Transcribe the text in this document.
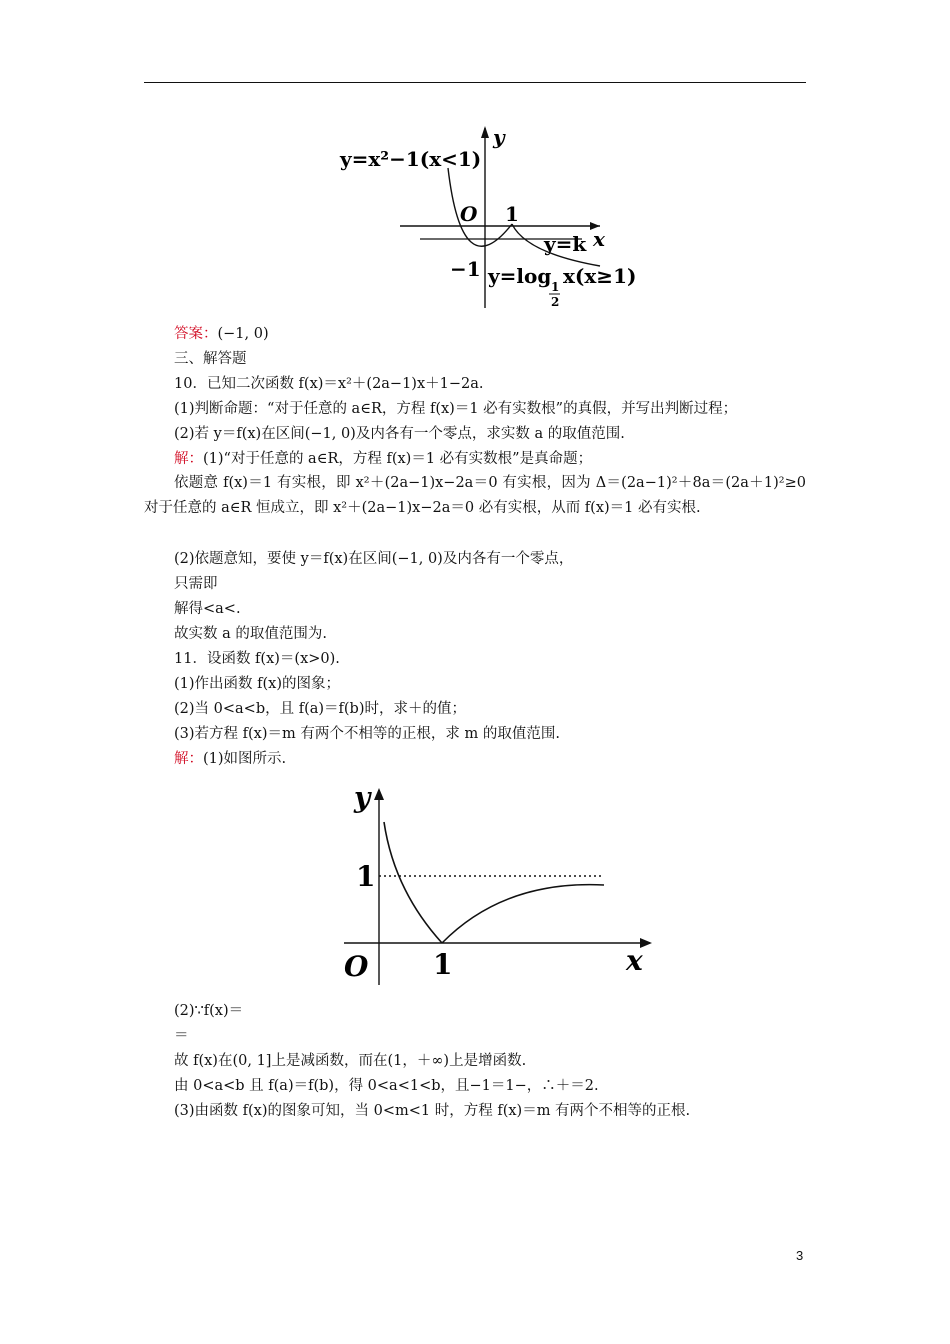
y=x²−1(x<1)
y
x
O 1
y=k
−1 y=log 1
2
x(x≥1)
答案：(−1, 0)
三、解答题
10．已知二次函数 f(x)＝x²＋(2a−1)x＋1−2a.
(1)判断命题：“对于任意的 a∈R，方程 f(x)＝1 必有实数根”的真假，并写出判断过程；
(2)若 y＝f(x)在区间(−1, 0)及内各有一个零点，求实数 a 的取值范围.
解：(1)“对于任意的 a∈R，方程 f(x)＝1 必有实数根”是真命题；
依题意 f(x)＝1 有实根，即 x²＋(2a−1)x−2a＝0 有实根，因为 Δ＝(2a−1)²＋8a＝(2a＋1)²≥0 对于任意的 a∈R 恒成立，即 x²＋(2a−1)x−2a＝0 必有实根，从而 f(x)＝1 必有实根.
(2)依题意知，要使 y＝f(x)在区间(−1, 0)及内各有一个零点，
只需即
解得<a<.
故实数 a 的取值范围为.
11．设函数 f(x)＝(x>0).
(1)作出函数 f(x)的图象；
(2)当 0<a<b，且 f(a)＝f(b)时，求＋的值；
(3)若方程 f(x)＝m 有两个不相等的正根，求 m 的取值范围.
解：(1)如图所示.
y
x
O
1
1
(2)∵f(x)＝
＝
故 f(x)在(0, 1]上是减函数，而在(1，＋∞)上是增函数.
由 0<a<b 且 f(a)＝f(b)，得 0<a<1<b，且−1＝1−，∴＋＝2.
(3)由函数 f(x)的图象可知，当 0<m<1 时，方程 f(x)＝m 有两个不相等的正根.
3
